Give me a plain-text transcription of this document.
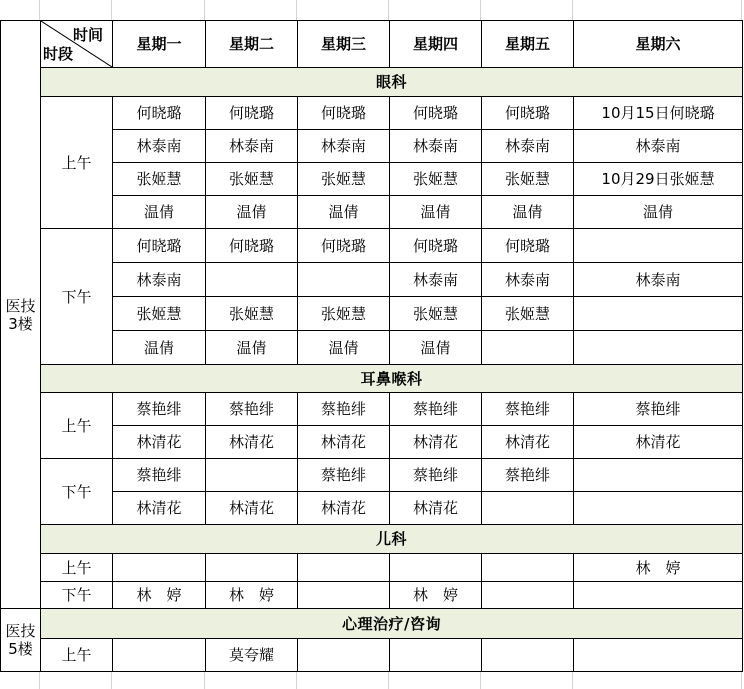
医技
3楼	时间
时段	星期一	星期二	星期三	星期四	星期五	星期六
	眼科						
	上午	何晓璐	何晓璐	何晓璐	何晓璐	何晓璐	10月15日何晓璐
		林泰南	林泰南	林泰南	林泰南	林泰南	林泰南
		张姬慧	张姬慧	张姬慧	张姬慧	张姬慧	10月29日张姬慧
		温倩	温倩	温倩	温倩	温倩	温倩
	下午	何晓璐	何晓璐	何晓璐	何晓璐	何晓璐	
		林泰南			林泰南	林泰南	林泰南
		张姬慧	张姬慧	张姬慧	张姬慧	张姬慧	
		温倩	温倩	温倩	温倩		
	耳鼻喉科						
	上午	蔡艳绯	蔡艳绯	蔡艳绯	蔡艳绯	蔡艳绯	蔡艳绯
		林清花	林清花	林清花	林清花	林清花	林清花
	下午	蔡艳绯		蔡艳绯	蔡艳绯	蔡艳绯	
		林清花	林清花	林清花	林清花		
	儿科						
	上午						林　婷
	下午	林　婷	林　婷		林　婷		

医技
5楼	心理治疗/咨询						
	上午		莫夸耀				
